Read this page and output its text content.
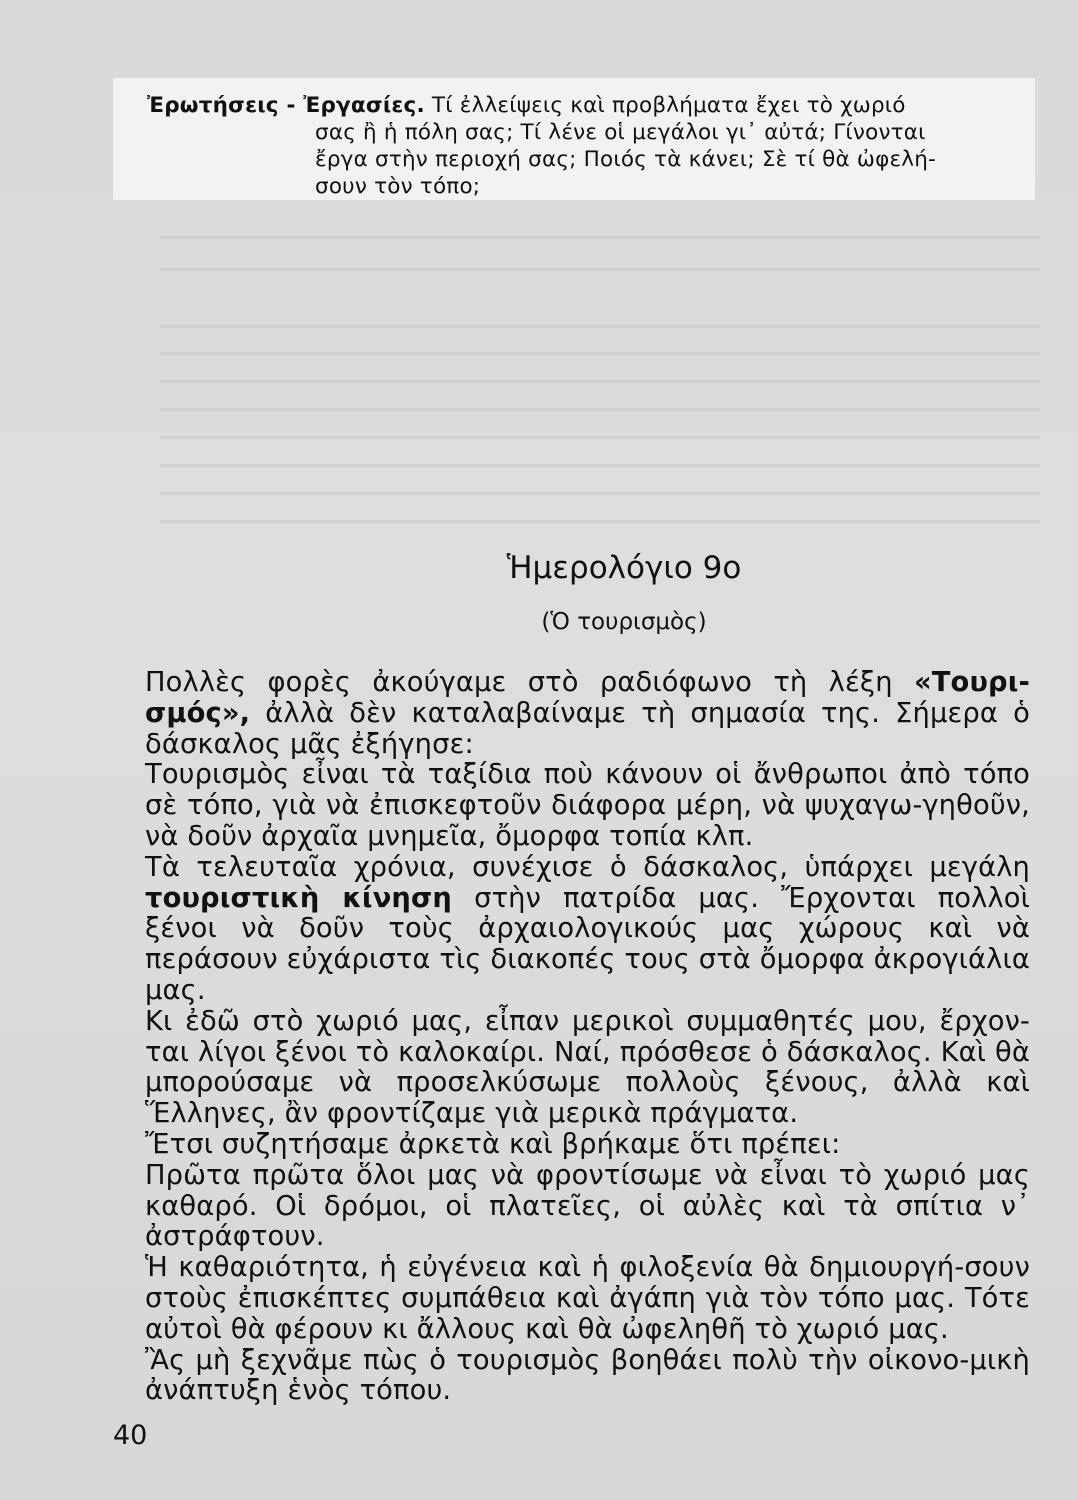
Ἐρωτήσεις - Ἐργασίες. Τί ἐλλείψεις καὶ προβλήματα ἔχει τὸ χωριό
σας ἢ ἡ πόλη σας; Τί λένε οἱ μεγάλοι γι᾽ αὐτά; Γίνονται
ἔργα στὴν περιοχή σας; Ποιός τὰ κάνει; Σὲ τί θὰ ὠφελή-
σουν τὸν τόπο;
Ἡμερολόγιο 9ο
(Ὁ τουρισμὸς)

Πολλὲς φορὲς ἀκούγαμε στὸ ραδιόφωνο τὴ λέξη «Τουρι-σμός», ἀλλὰ δὲν καταλαβαίναμε τὴ σημασία της. Σήμερα ὁ δάσκαλος μᾶς ἐξήγησε:

Τουρισμὸς εἶναι τὰ ταξίδια ποὺ κάνουν οἱ ἄνθρωποι ἀπὸ τόπο σὲ τόπο, γιὰ νὰ ἐπισκεφτοῦν διάφορα μέρη, νὰ ψυχαγω-γηθοῦν, νὰ δοῦν ἀρχαῖα μνημεῖα, ὄμορφα τοπία κλπ.

Τὰ τελευταῖα χρόνια, συνέχισε ὁ δάσκαλος, ὑπάρχει μεγάλη τουριστικὴ κίνηση στὴν πατρίδα μας. Ἔρχονται πολλοὶ ξένοι νὰ δοῦν τοὺς ἀρχαιολογικούς μας χώρους καὶ νὰ περάσουν εὐχάριστα τὶς διακοπές τους στὰ ὄμορφα ἀκρογιάλια μας.

Κι ἐδῶ στὸ χωριό μας, εἶπαν μερικοὶ συμμαθητές μου, ἔρχον-ται λίγοι ξένοι τὸ καλοκαίρι. Ναί, πρόσθεσε ὁ δάσκαλος. Καὶ θὰ μπορούσαμε νὰ προσελκύσωμε πολλοὺς ξένους, ἀλλὰ καὶ Ἕλληνες, ἂν φροντίζαμε γιὰ μερικὰ πράγματα.

Ἔτσι συζητήσαμε ἀρκετὰ καὶ βρήκαμε ὅτι πρέπει:

Πρῶτα πρῶτα ὅλοι μας νὰ φροντίσωμε νὰ εἶναι τὸ χωριό μας καθαρό. Οἱ δρόμοι, οἱ πλατεῖες, οἱ αὐλὲς καὶ τὰ σπίτια ν᾽ ἀστράφτουν.

Ἡ καθαριότητα, ἡ εὐγένεια καὶ ἡ φιλοξενία θὰ δημιουργή-σουν στοὺς ἐπισκέπτες συμπάθεια καὶ ἀγάπη γιὰ τὸν τόπο μας. Τότε αὐτοὶ θὰ φέρουν κι ἄλλους καὶ θὰ ὠφεληθῆ τὸ χωριό μας.

Ἂς μὴ ξεχνᾶμε πὼς ὁ τουρισμὸς βοηθάει πολὺ τὴν οἰκονο-μικὴ ἀνάπτυξη ἑνὸς τόπου.

40
